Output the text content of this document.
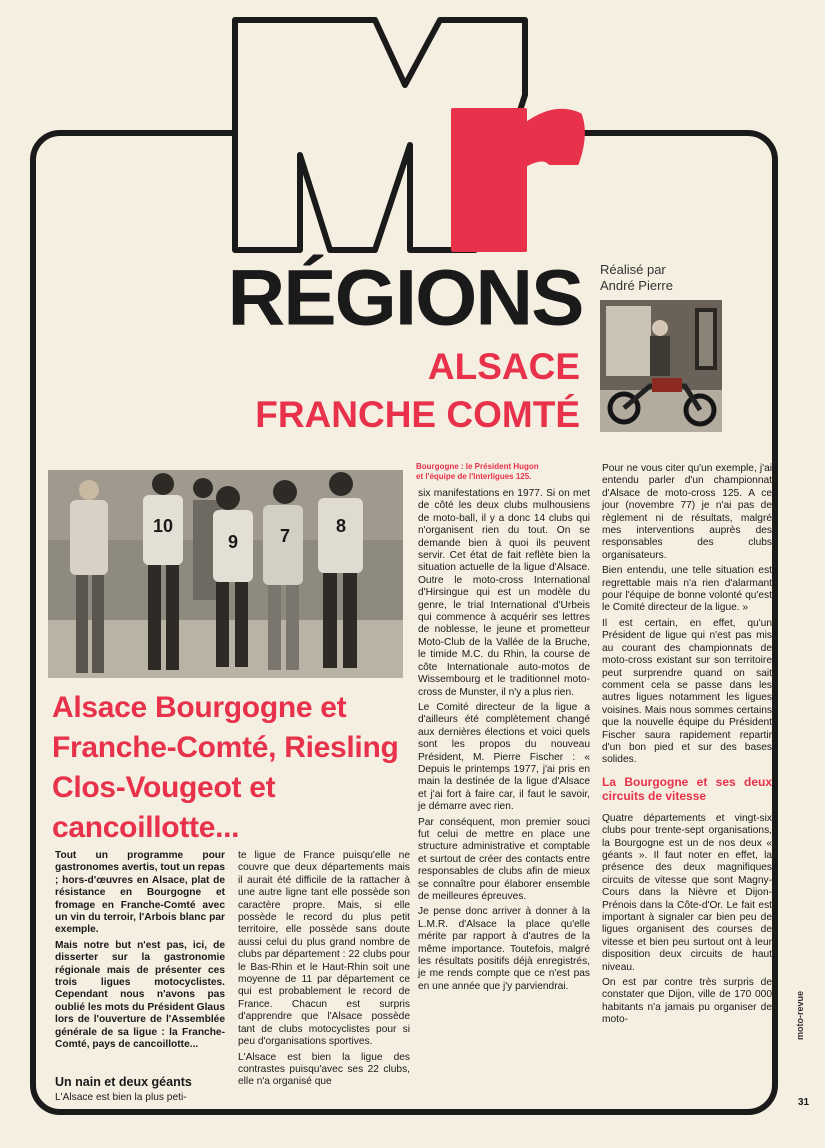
RÉGIONS
ALSACE
FRANCHE COMTÉ
Réalisé par
André Pierre
10
9 7	8
Bourgogne : le Président Hugon
et l'équipe de l'Interligues 125.
Alsace Bourgogne et Franche-Comté, Riesling Clos-Vougeot et cancoillotte...

Tout un programme pour gastronomes avertis, tout un repas ; hors-d'œuvres en Alsace, plat de résistance en Bourgogne et fromage en Franche-Comté avec un vin du terroir, l'Arbois blanc par exemple.

Mais notre but n'est pas, ici, de disserter sur la gastronomie régionale mais de présenter ces trois ligues motocyclistes. Cependant nous n'avons pas oublié les mots du Président Glaus lors de l'ouverture de l'Assemblée générale de sa ligue : la Franche-Comté, pays de cancoillotte...

Un nain et deux géants

L'Alsace est bien la plus peti-

te ligue de France puisqu'elle ne couvre que deux départements mais il aurait été difficile de la rattacher à une autre ligne tant elle possède son caractère propre. Mais, si elle possède le record du plus petit territoire, elle possède sans doute aussi celui du plus grand nombre de clubs par département : 22 clubs pour le Bas-Rhin et le Haut-Rhin soit une moyenne de 11 par département ce qui est probablement le record de France. Chacun est surpris d'apprendre que l'Alsace possède tant de clubs motocyclistes pour si peu d'organisations sportives.

L'Alsace est bien la ligue des contrastes puisqu'avec ses 22 clubs, elle n'a organisé que

six manifestations en 1977. Si on met de côté les deux clubs mulhousiens de moto-ball, il y a donc 14 clubs qui n'organisent rien du tout. On se demande bien à quoi ils peuvent servir. Cet état de fait reflète bien la situation actuelle de la ligue d'Alsace. Outre le moto-cross International d'Hirsingue qui est un modèle du genre, le trial International d'Urbeis qui commence à acquérir ses lettres de noblesse, le jeune et prometteur Moto-Club de la Vallée de la Bruche, le timide M.C. du Rhin, la course de côte Internationale auto-motos de Wissembourg et le traditionnel moto-cross de Munster, il n'y a plus rien.

Le Comité directeur de la ligue a d'ailleurs été complètement changé aux dernières élections et voici quels sont les propos du nouveau Président, M. Pierre Fischer : « Depuis le printemps 1977, j'ai pris en main la destinée de la ligue d'Alsace et j'ai fort à faire car, il faut le savoir, je démarre avec rien.

Par conséquent, mon premier souci fut celui de mettre en place une structure administrative et comptable et surtout de créer des contacts entre responsables de clubs afin de mieux se connaître pour élaborer ensemble de meilleures épreuves.

Je pense donc arriver à donner à la L.M.R. d'Alsace la place qu'elle mérite par rapport à d'autres de la même importance. Toutefois, malgré les résultats positifs déjà enregistrés, je me rends compte que ce n'est pas en une année que j'y parviendrai.

Pour ne vous citer qu'un exemple, j'ai entendu parler d'un championnat d'Alsace de moto-cross 125. A ce jour (novembre 77) je n'ai pas de règlement ni de résultats, malgré mes interventions auprès des responsables des clubs organisateurs.

Bien entendu, une telle situation est regrettable mais n'a rien d'alarmant pour l'équipe de bonne volonté qu'est le Comité directeur de la ligue. »

Il est certain, en effet, qu'un Président de ligue qui n'est pas mis au courant des championnats de moto-cross existant sur son territoire peut surprendre quand on sait comment cela se passe dans les autres ligues notamment les ligues voisines. Mais nous sommes certains que la nouvelle équipe du Président Fischer saura rapidement repartir d'un bon pied et sur des bases solides.

La Bourgogne et ses deux circuits de vitesse

Quatre départements et vingt-six clubs pour trente-sept organisations, la Bourgogne est un de nos deux « géants ». Il faut noter en effet, la présence des deux magnifiques circuits de vitesse que sont Magny-Cours dans la Nièvre et Dijon-Prénois dans la Côte-d'Or. Le fait est important à signaler car bien peu de ligues organisent des courses de vitesse et bien peu surtout ont à leur disposition deux circuits de haut niveau.

On est par contre très surpris de constater que Dijon, ville de 170 000 habitants n'a jamais pu organiser de moto-	moto-revue
31
